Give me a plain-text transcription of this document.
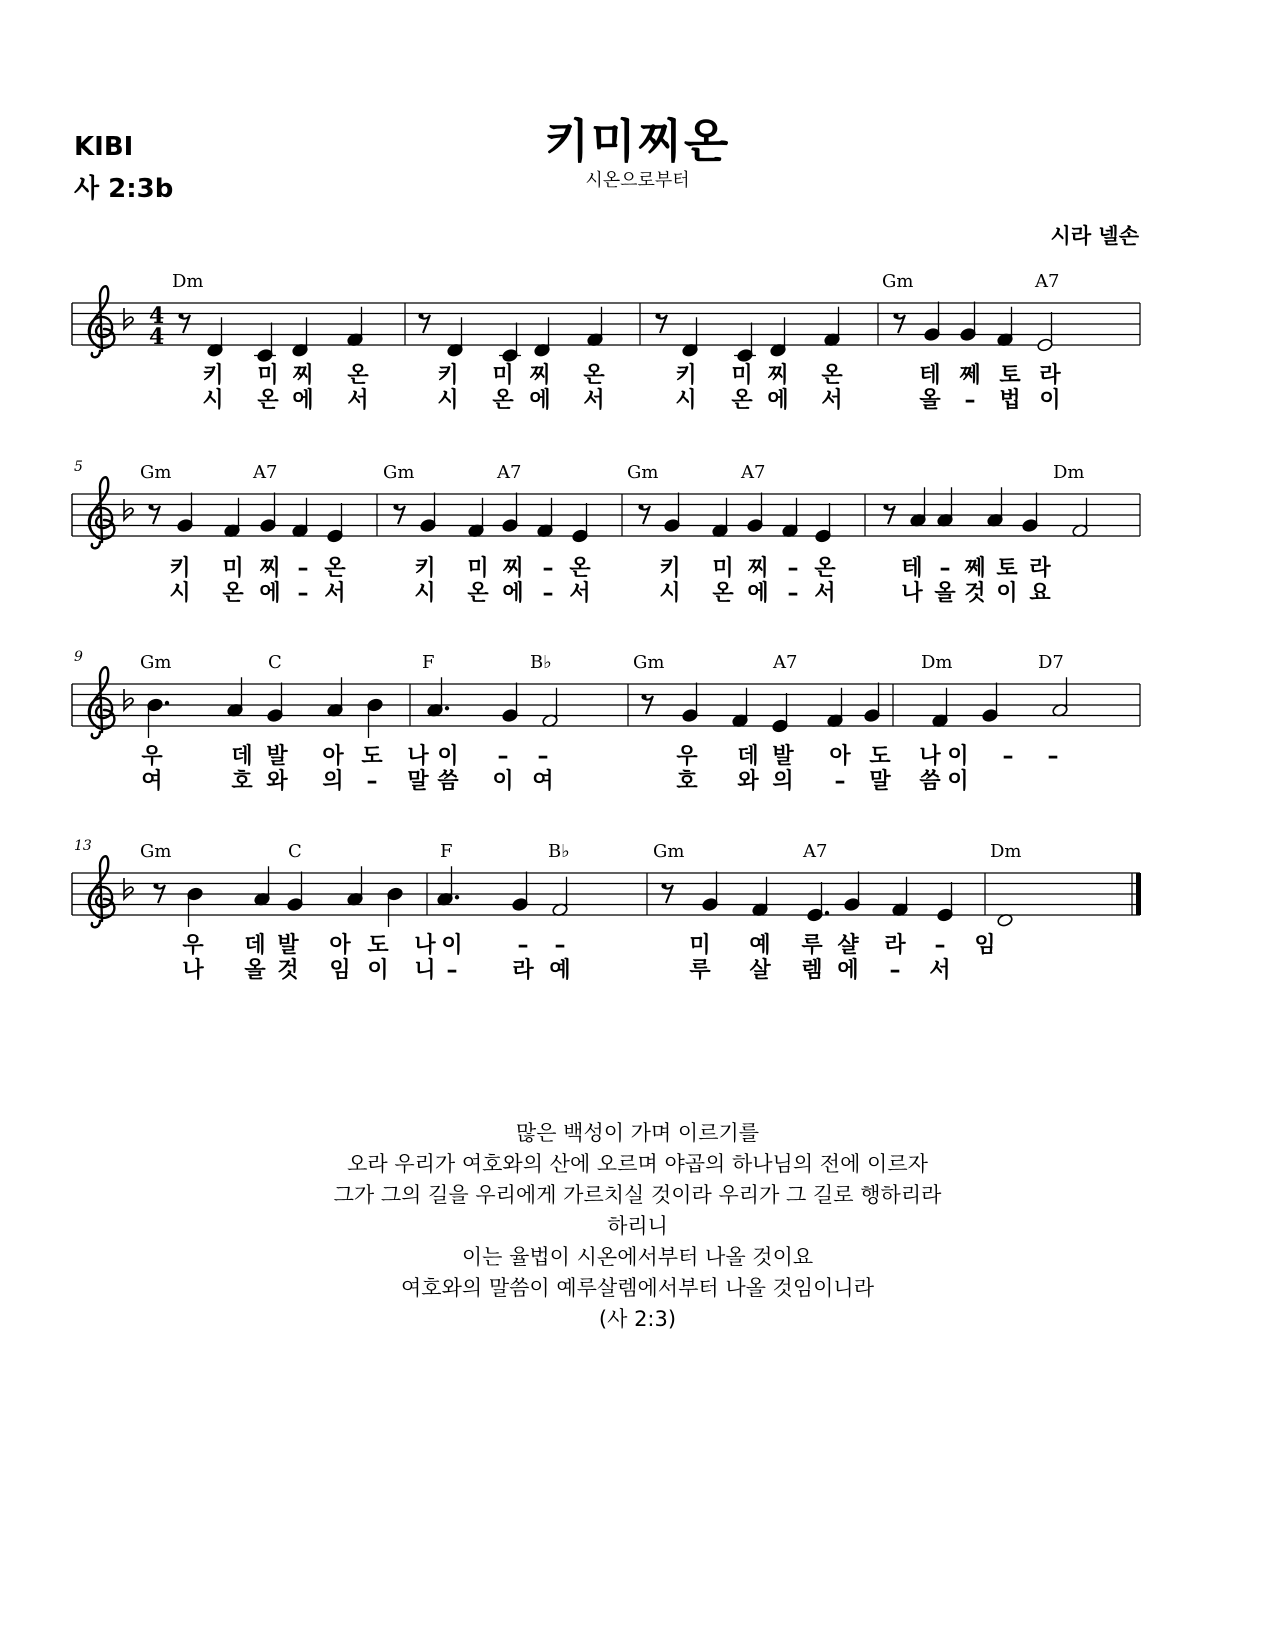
키미찌온
시온으로부터
KIBI
사 2:3b
시라 넬손
4
4
Dm	Gm	A7
키 미 찌 온	키 미 찌 온	키 미 찌 온	테 쩨 토 라
시 온 에 서	시 온 에 서	시 온 에 서	올 – 법 이
5	Gm	A7	Gm	A7	Gm	A7	Dm
키 미 찌 – 온	키 미 찌 – 온	키 미 찌 – 온	테 – 쩨 토 라
시 온 에 – 서	시 온 에 – 서	시 온 에 – 서	나 올 것 이 요
9	Gm	C	F	B♭	Gm	A7	Dm	D7
우	데 발 아 도 나 이 – –	우 데 발 아 도 나 이 – –
여	호 와 의 – 말 씀 이 여	호 와 의 – 말 씀 이
13	Gm	C	F	B♭	Gm	A7	Dm
우 데 발 아 도 나 이 – –	미 예 루 샬 라 – 임
나 올 것 임 이 니 – 라 예	루 살 렘 에 – 서
많은 백성이 가며 이르기를
오라 우리가 여호와의 산에 오르며 야곱의 하나님의 전에 이르자
그가 그의 길을 우리에게 가르치실 것이라 우리가 그 길로 행하리라
하리니
이는 율법이 시온에서부터 나올 것이요
여호와의 말씀이 예루살렘에서부터 나올 것임이니라
(사 2:3)
